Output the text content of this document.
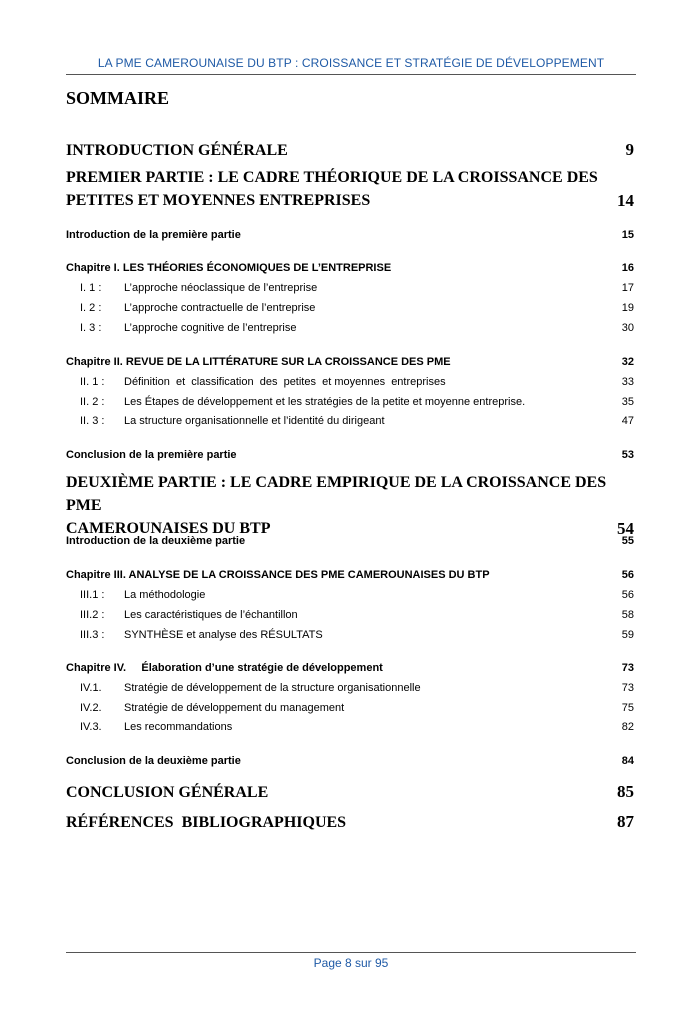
LA PME CAMEROUNAISE DU BTP : CROISSANCE ET STRATÉGIE DE DÉVELOPPEMENT
SOMMAIRE
INTRODUCTION GÉNÉRALE	9
PREMIER PARTIE : LE CADRE THÉORIQUE DE LA CROISSANCE DES
PETITES ET MOYENNES ENTREPRISES	14
Introduction de la première partie	15
Chapitre I. LES THÉORIES ÉCONOMIQUES DE L’ENTREPRISE	16
I. 1 :	L’approche néoclassique de l’entreprise	17
I. 2 :	L’approche contractuelle de l’entreprise	19
I. 3 :	L’approche cognitive de l’entreprise	30
Chapitre II. REVUE DE LA LITTÉRATURE SUR LA CROISSANCE DES PME	32
II. 1 :	Définition  et  classification  des  petites  et moyennes  entreprises	33
II. 2 :	Les Étapes de développement et les stratégies de la petite et moyenne entreprise.	35
II. 3 :	La structure organisationnelle et l’identité du dirigeant	47
Conclusion de la première partie	53
DEUXIÈME PARTIE : LE CADRE EMPIRIQUE DE LA CROISSANCE DES PME
CAMEROUNAISES DU BTP	54
Introduction de la deuxième partie	55
Chapitre III. ANALYSE DE LA CROISSANCE DES PME CAMEROUNAISES DU BTP	56
III.1 :	La méthodologie	56
III.2 :	Les caractéristiques de l’échantillon	58
III.3 :	SYNTHÈSE et analyse des RÉSULTATS	59
Chapitre IV.     Élaboration d’une stratégie de développement	73
IV.1.	Stratégie de développement de la structure organisationnelle	73
IV.2.	Stratégie de développement du management	75
IV.3.	Les recommandations	82
Conclusion de la deuxième partie	84
CONCLUSION GÉNÉRALE	85
RÉFÉRENCES  BIBLIOGRAPHIQUES	87
Page 8 sur 95
